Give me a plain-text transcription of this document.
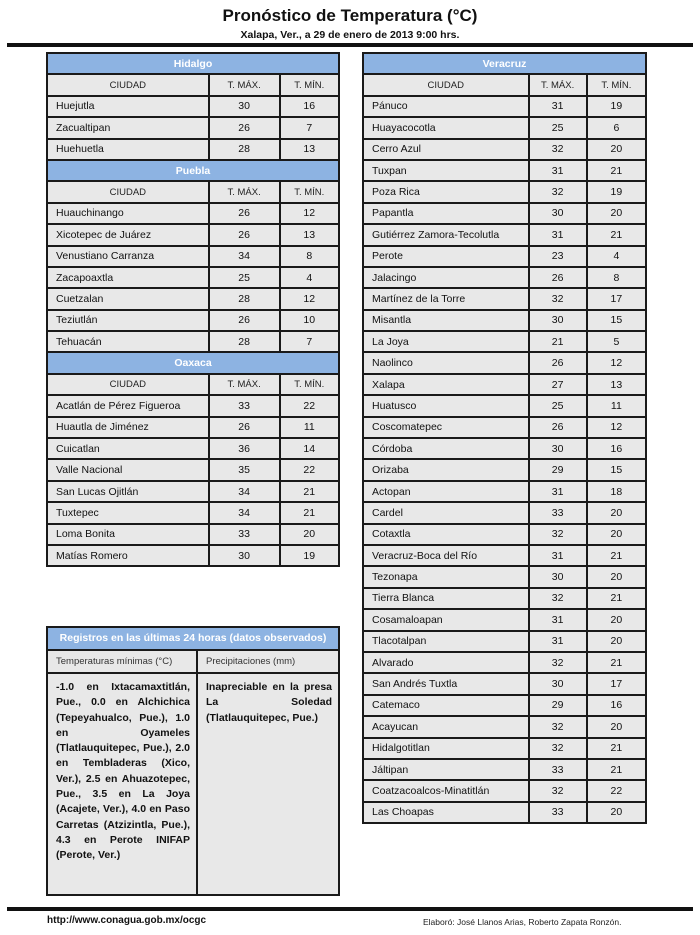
Pronóstico de Temperatura (°C)
Xalapa, Ver., a 29 de enero de 2013 9:00 hrs.
Hidalgo		
CIUDAD	T. MÁX.	T. MÍN.
Huejutla	30	16
Zacualtipan	26	7
Huehuetla	28	13
Puebla		
CIUDAD	T. MÁX.	T. MÍN.
Huauchinango	26	12
Xicotepec de Juárez	26	13
Venustiano Carranza	34	8
Zacapoaxtla	25	4
Cuetzalan	28	12
Teziutlán	26	10
Tehuacán	28	7
Oaxaca		
CIUDAD	T. MÁX.	T. MÍN.
Acatlán de Pérez Figueroa	33	22
Huautla de Jiménez	26	11
Cuicatlan	36	14
Valle Nacional	35	22
San Lucas Ojitlán	34	21
Tuxtepec	34	21
Loma Bonita	33	20
Matías Romero	30	19
Veracruz		
CIUDAD	T. MÁX.	T. MÍN.
Pánuco	31	19
Huayacocotla	25	6
Cerro Azul	32	20
Tuxpan	31	21
Poza Rica	32	19
Papantla	30	20
Gutiérrez Zamora-Tecolutla	31	21
Perote	23	4
Jalacingo	26	8
Martínez de la Torre	32	17
Misantla	30	15
La Joya	21	5
Naolinco	26	12
Xalapa	27	13
Huatusco	25	11
Coscomatepec	26	12
Córdoba	30	16
Orizaba	29	15
Actopan	31	18
Cardel	33	20
Cotaxtla	32	20
Veracruz-Boca del Río	31	21
Tezonapa	30	20
Tierra Blanca	32	21
Cosamaloapan	31	20
Tlacotalpan	31	20
Alvarado	32	21
San Andrés Tuxtla	30	17
Catemaco	29	16
Acayucan	32	20
Hidalgotitlan	32	21
Jáltipan	33	21
Coatzacoalcos-Minatitlán	32	22
Las Choapas	33	20
Registros en las últimas 24 horas (datos observados)
Temperaturas mínimas (°C)
-1.0 en Ixtacamaxtitlán, Pue., 0.0 en Alchichica (Tepeyahualco, Pue.), 1.0 en Oyameles (Tlatlauquitepec, Pue.), 2.0 en Tembladeras (Xico, Ver.), 2.5 en Ahuazotepec, Pue., 3.5 en La Joya (Acajete, Ver.), 4.0 en Paso Carretas (Atzizintla, Pue.), 4.3 en Perote INIFAP (Perote, Ver.)
Precipitaciones (mm)
Inapreciable en la presa La Soledad (Tlatlauquitepec, Pue.)
http://www.conagua.gob.mx/ocgc	Elaboró: José Llanos Arias, Roberto Zapata Ronzón.
